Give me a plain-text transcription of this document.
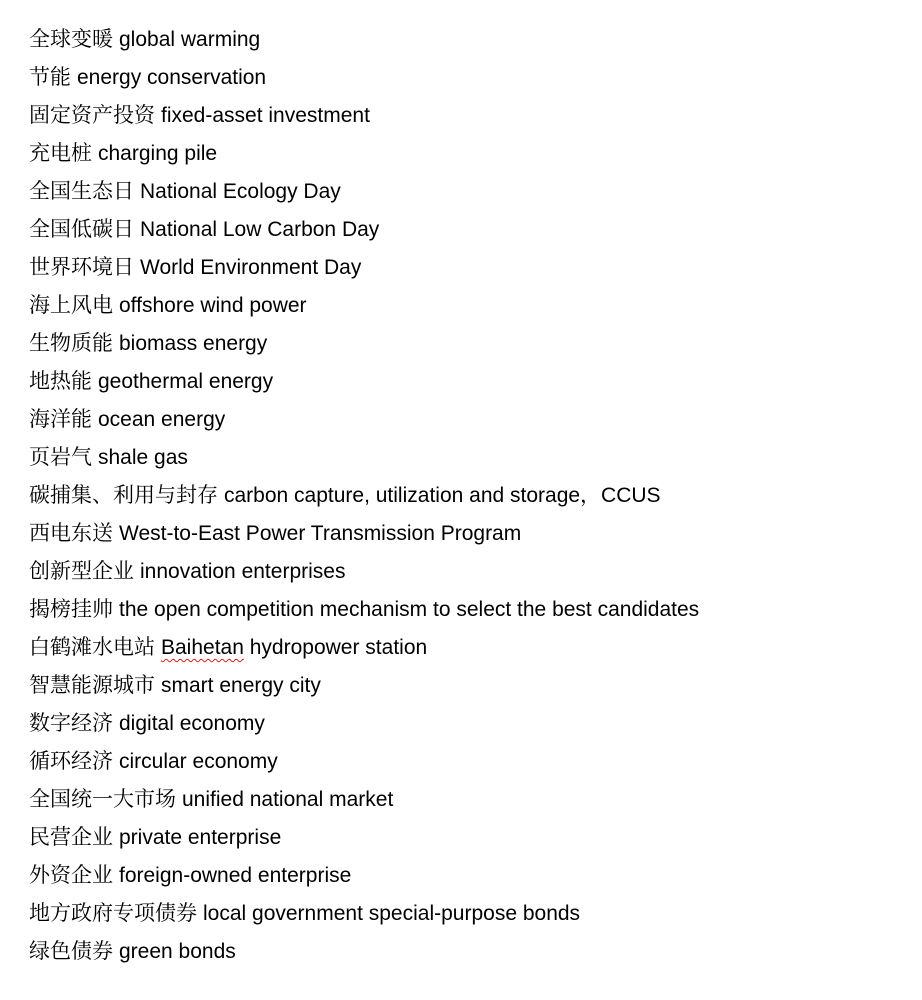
全球变暖 global warming
节能 energy conservation
固定资产投资 fixed-asset investment
充电桩 charging pile
全国生态日 National Ecology Day
全国低碳日 National Low Carbon Day
世界环境日 World Environment Day
海上风电 offshore wind power
生物质能 biomass energy
地热能 geothermal energy
海洋能 ocean energy
页岩气 shale gas
碳捕集、利用与封存 carbon capture, utilization and storage，CCUS
西电东送 West-to-East Power Transmission Program
创新型企业 innovation enterprises
揭榜挂帅 the open competition mechanism to select the best candidates
白鹤滩水电站 Baihetan hydropower station
智慧能源城市 smart energy city
数字经济 digital economy
循环经济 circular economy
全国统一大市场 unified national market
民营企业 private enterprise
外资企业 foreign-owned enterprise
地方政府专项债券 local government special-purpose bonds
绿色债券 green bonds
